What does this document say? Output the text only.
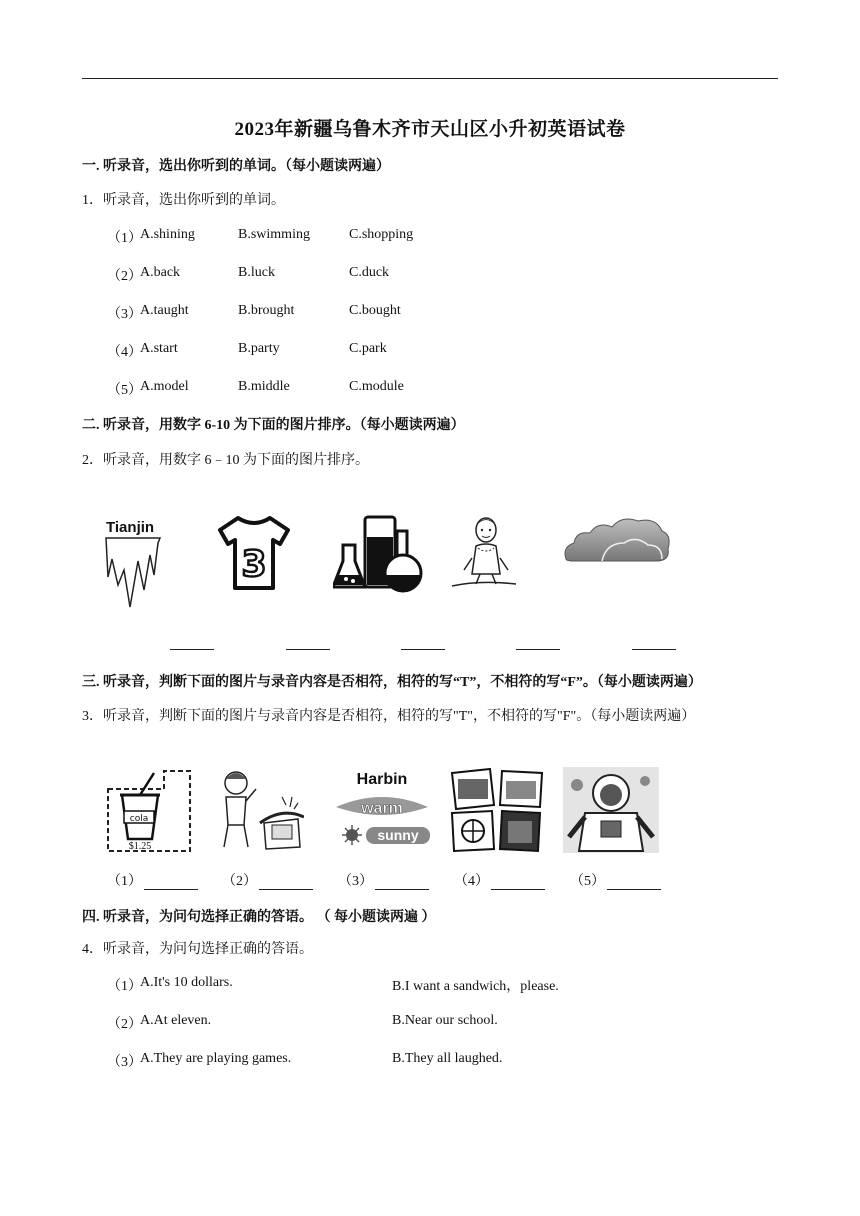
2023年新疆乌鲁木齐市天山区小升初英语试卷
一. 听录音，选出你听到的单词。（每小题读两遍）
1．听录音，选出你听到的单词。
（1）
A.shining	B.swimming	C.shopping
（2）
A.back	B.luck	C.duck
（3）
A.taught	B.brought	C.bought
（4）
A.start	B.party	C.park
（5）
A.model	B.middle	C.module
二. 听录音，用数字 6-10 为下面的图片排序。（每小题读两遍）
2．听录音，用数字 6﹣10 为下面的图片排序。
Tianjin
3
三. 听录音，判断下面的图片与录音内容是否相符，相符的写“T”，不相符的写“F”。（每小题读两遍）
3．听录音，判断下面的图片与录音内容是否相符，相符的写"T"，不相符的写"F"。（每小题读两遍）
cola
$1.25
Harbin
warm
sunny
（1）	（2）	（3）	（4）	（5）
四. 听录音，为问句选择正确的答语。 （ 每小题读两遍 ）
4．听录音，为问句选择正确的答语。
（1）
A.It's 10 dollars.	B.I want a sandwich，please.
（2）
A.At eleven.	B.Near our school.
（3）
A.They are playing games.	B.They all laughed.
